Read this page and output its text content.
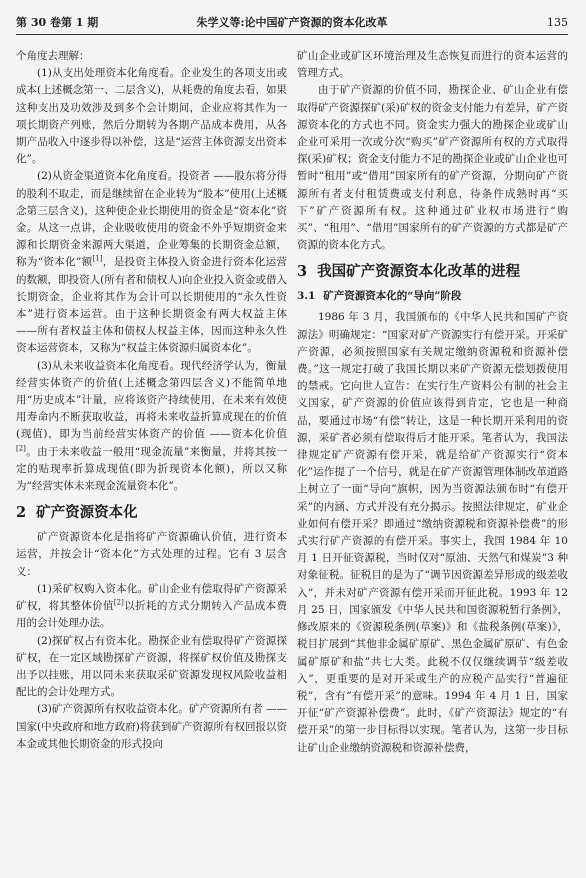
第 30 卷第 1 期	朱学义等:论中国矿产资源的资本化改革	135

个角度去理解：

(1)从支出处理资本化角度看。企业发生的各项支出或成本(上述概念第一、二层含义)，从耗费的角度去看，如果这种支出及功效涉及到多个会计期间，企业应将其作为一项长期资产列账，然后分期转为各期产品成本费用，从各期产品收入中逐步得以补偿，这是“运营主体资源支出资本化”。

(2)从资金渠道资本化角度看。投资者 ——股东将分得的股利不取走，而是继续留在企业转为“股本”使用(上述概念第三层含义)，这种使企业长期使用的资金是“资本化”资金。从这一点讲，企业吸收使用的资金不外乎短期资金来源和长期资金来源两大渠道，企业筹集的长期资金总额，称为“资本化”额[1]，是投资主体投入资金进行资本化运营的数额，即投资人(所有者和债权人)向企业投入资金或借入长期资金，企业将其作为会计可以长期使用的“永久性资本”进行资本运营。由于这种长期资金有两大权益主体 ——所有者权益主体和债权人权益主体，因而这种永久性资本运营资本，又称为“权益主体资源归属资本化”。

(3)从未来收益资本化角度看。现代经济学认为，衡量经营实体资产的价值(上述概念第四层含义)不能简单地用“历史成本”计量，应将该资产持续使用，在未来有效使用寿命内不断获取收益，再将未来收益折算成现在的价值(现值)，即为当前经营实体资产的价值 ——资本化价值[2]。由于未来收益一般用“现金流量”来衡量，并将其按一定的贴现率折算成现值(即为折现资本化额)，所以又称为“经营实体未来现金流量资本化”。

2 矿产资源资本化

矿产资源资本化是指将矿产资源确认价值，进行资本运营，并按会计“资本化”方式处理的过程。它有 3 层含义：

(1)采矿权购入资本化。矿山企业有偿取得矿产资源采矿权，将其整体价值[2]以折耗的方式分期转入产品成本费用的会计处理办法。

(2)探矿权占有资本化。勘探企业有偿取得矿产资源探矿权，在一定区域勘探矿产资源，将探矿权价值及勘探支出予以挂账，用以同未来获取采矿资源发现权风险收益相配比的会计处理方式。

(3)矿产资源所有权收益资本化。矿产资源所有者 ——国家(中央政府和地方政府)将获到矿产资源所有权回报以资本金或其他长期资金的形式投向

矿山企业或矿区环境治理及生态恢复而进行的资本运营的管理方式。

由于矿产资源的价值不同，勘探企业、矿山企业有偿取得矿产资源探矿(采)矿权的资金支付能力有差异，矿产资源资本化的方式也不同。资金实力强大的勘探企业或矿山企业可采用一次或分次“购买”矿产资源所有权的方式取得探(采)矿权；资金支付能力不足的勘探企业或矿山企业也可暂时“租用”或“借用”国家所有的矿产资源，分期向矿产资源所有者支付租赁费或支付利息，待条件成熟时再“买下”矿产资源所有权。这种通过矿业权市场进行“购买”、“租用”、“借用”国家所有的矿产资源的方式都是矿产资源的资本化方式。

3 我国矿产资源资本化改革的进程
3.1 矿产资源资本化的“导向”阶段

1986 年 3 月，我国颁布的《中华人民共和国矿产资源法》明确规定：“国家对矿产资源实行有偿开采。开采矿产资源，必须按照国家有关规定缴纳资源税和资源补偿费。”这一规定打破了我国长期以来矿产资源无偿划拨使用的禁戒。它向世人宣告：在实行生产资料公有制的社会主义国家，矿产资源的价值应该得到肯定，它也是一种商品，要通过市场“有偿”转让，这是一种长期开采利用的资源，采矿者必须有偿取得后才能开采。笔者认为，我国法律规定矿产资源有偿开采，就是给矿产资源实行“资本化”运作提了一个信号，就是在矿产资源管理体制改革道路上树立了一面“导向”旗帜，因为当资源法颁布时“有偿开采”的内涵、方式并没有充分揭示。按照法律规定，矿业企业如何有偿开采？即通过“缴纳资源税和资源补偿费”的形式实行矿产资源的有偿开采。事实上，我国 1984 年 10 月 1 日开征资源税，当时仅对“原油、天然气和煤炭”3 种对象征税。征税目的是为了“调节因资源差异形成的级差收入”，并未对矿产资源有偿开采而开征此税。1993 年 12 月 25 日，国家颁发《中华人民共和国资源税暂行条例》，修改原来的《资源税条例(草案)》和《盐税条例(草案)》，税目扩展到“其他非金属矿原矿、黑色金属矿原矿、有色金属矿原矿和盐”共七大类。此税不仅仅继续调节“级差收入”，更重要的是对开采或生产的应税产品实行“普遍征税”，含有“有偿开采”的意味。1994 年 4 月 1 日，国家开征“矿产资源补偿费”。此时，《矿产资源法》规定的“有偿开采”的第一步目标得以实现。笔者认为，这第一步目标让矿山企业缴纳资源税和资源补偿费，
